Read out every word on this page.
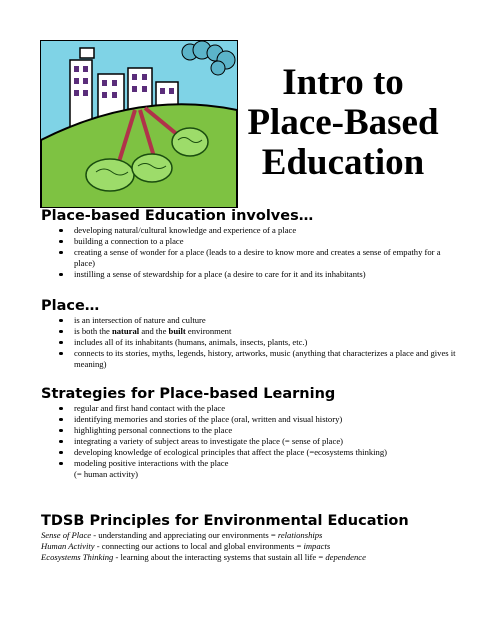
Intro to
Place-Based
Education
Place-based Education involves…
developing natural/cultural knowledge and experience of a place
building a connection to a place
creating a sense of wonder for a place (leads to a desire to know more and creates a sense of empathy for a place)
instilling a sense of stewardship for a place (a desire to care for it and its inhabitants)
Place…
is an intersection of nature and culture
is both the natural and the built environment
includes all of its inhabitants (humans, animals, insects, plants, etc.)
connects to its stories, myths, legends, history, artworks, music (anything that characterizes a place and gives it meaning)
Strategies for Place-based Learning
regular and first hand contact with the place
identifying memories and stories of the place (oral, written and visual history)
highlighting personal connections to the place
integrating a variety of subject areas to investigate the place (= sense of place)
developing knowledge of ecological principles that affect the place (=ecosystems thinking)
modeling positive interactions with the place
(= human activity)
TDSB Principles for Environmental Education

Sense of Place - understanding and appreciating our environments = relationships

Human Activity - connecting our actions to local and global environments = impacts

Ecosystems Thinking - learning about the interacting systems that sustain all life = dependence
